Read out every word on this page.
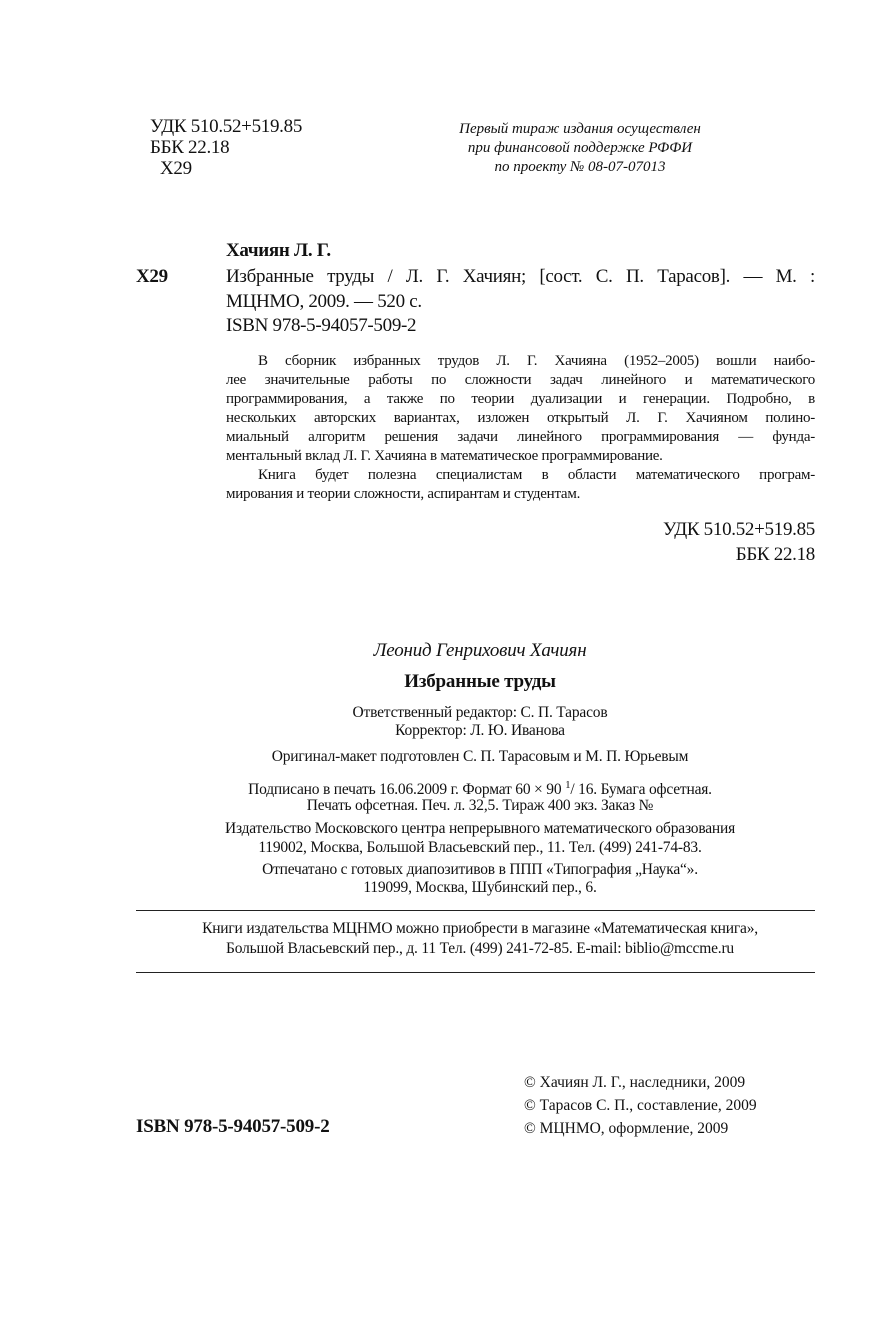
УДК 510.52+519.85
ББК 22.18
Х29
Первый тираж издания осуществлен
при финансовой поддержке РФФИ
по проекту № 08-07-07013
Хачиян Л. Г.
Х29	Избранные труды / Л. Г. Хачиян; [сост. С. П. Тарасов]. — М. :
МЦНМО, 2009. — 520 с.
ISBN 978-5-94057-509-2
В сборник избранных трудов Л. Г. Хачияна (1952–2005) вошли наибо-
лее значительные работы по сложности задач линейного и математического
программирования, а также по теории дуализации и генерации. Подробно, в
нескольких авторских вариантах, изложен открытый Л. Г. Хачияном полино-
миальный алгоритм решения задачи линейного программирования — фунда-
ментальный вклад Л. Г. Хачияна в математическое программирование.
Книга будет полезна специалистам в области математического програм-
мирования и теории сложности, аспирантам и студентам.
УДК 510.52+519.85
ББК 22.18
Леонид Генрихович Хачиян
Избранные труды
Ответственный редактор: С. П. Тарасов
Корректор: Л. Ю. Иванова
Оригинал-макет подготовлен С. П. Тарасовым и М. П. Юрьевым
Подписано в печать 16.06.2009 г. Формат 60 × 90 $^1$/ 16. Бумага офсетная.
Печать офсетная. Печ. л. 32,5. Тираж 400 экз. Заказ №
Издательство Московского центра непрерывного математического образования
119002, Москва, Большой Власьевский пер., 11. Тел. (499) 241-74-83.
Отпечатано с готовых диапозитивов в ППП «Типография „Наука“».
119099, Москва, Шубинский пер., 6.
Книги издательства МЦНМО можно приобрести в магазине «Математическая книга»,
Большой Власьевский пер., д. 11 Тел. (499) 241-72-85. E-mail: biblio@mccme.ru
ISBN 978-5-94057-509-2
© Хачиян Л. Г., наследники, 2009
© Тарасов С. П., составление, 2009
© МЦНМО, оформление, 2009
